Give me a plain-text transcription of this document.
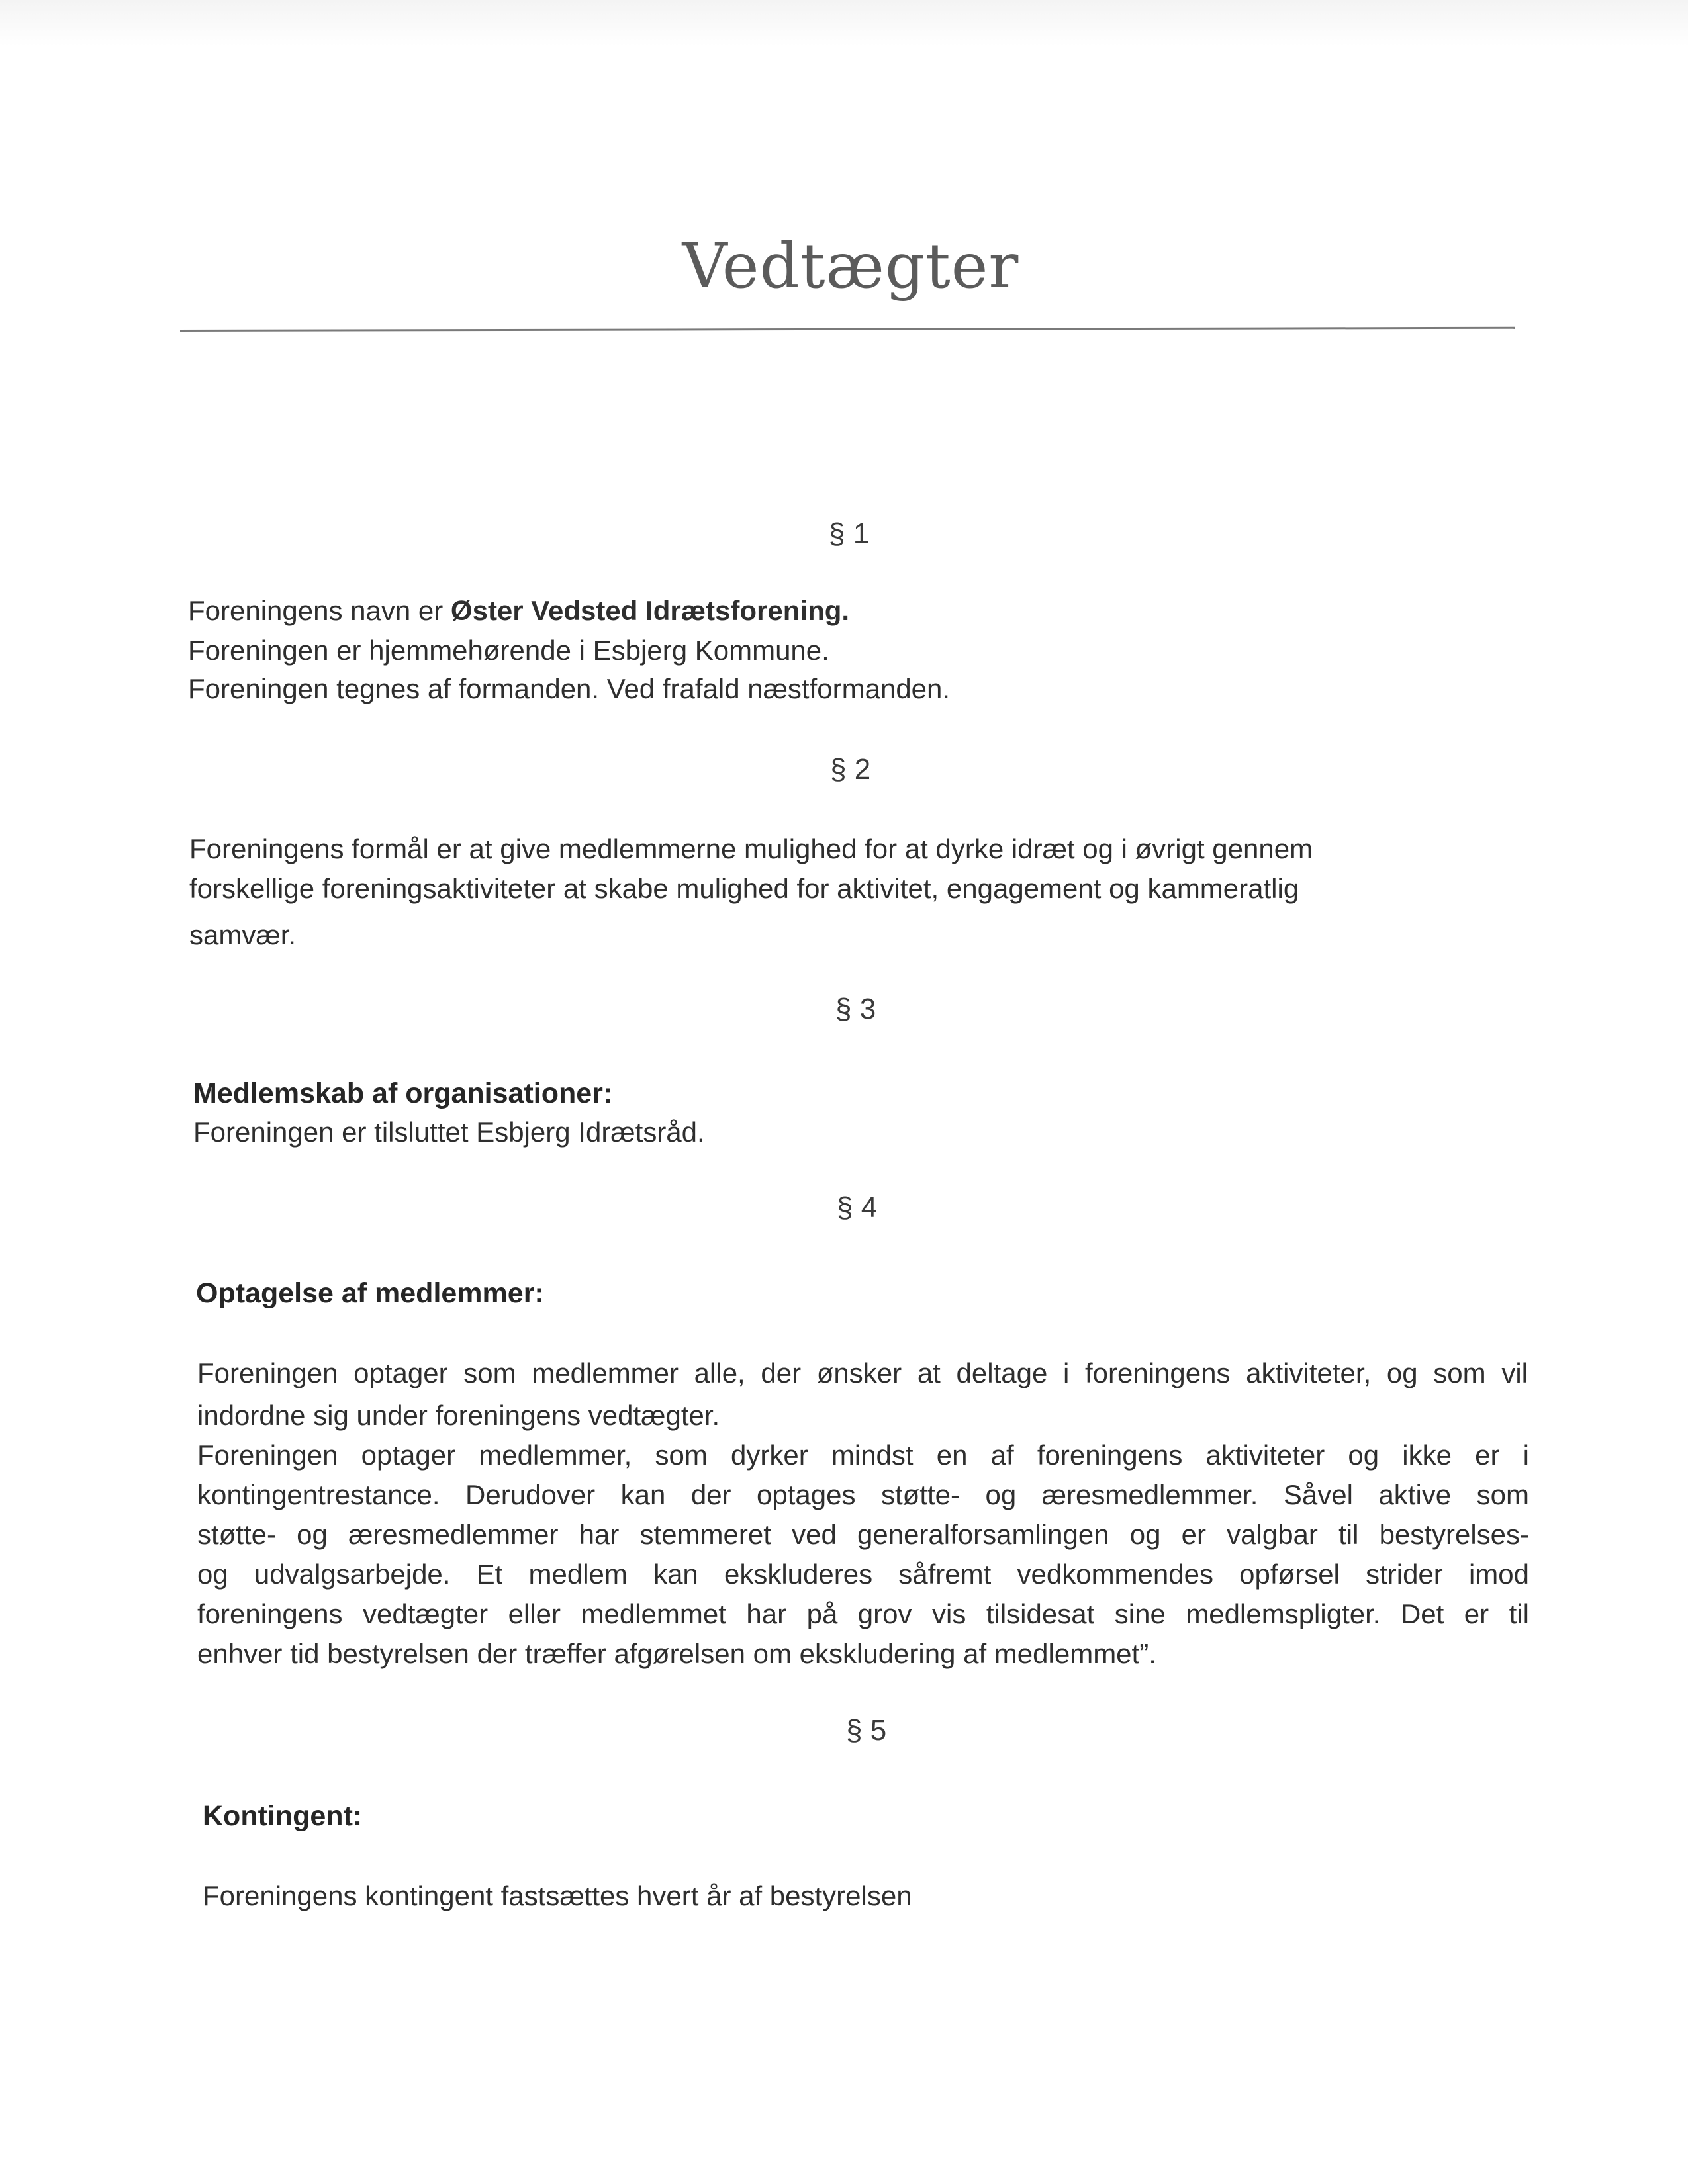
Vedtægter
§ 1
Foreningens navn er Øster Vedsted Idrætsforening.
Foreningen er hjemmehørende i Esbjerg Kommune.
Foreningen tegnes af formanden. Ved frafald næstformanden.
§ 2
Foreningens formål er at give medlemmerne mulighed for at dyrke idræt og i øvrigt gennem
forskellige foreningsaktiviteter at skabe mulighed for aktivitet, engagement og kammeratlig
samvær.
§ 3
Medlemskab af organisationer:
Foreningen er tilsluttet Esbjerg Idrætsråd.
§ 4
Optagelse af medlemmer:
Foreningen optager som medlemmer alle, der ønsker at deltage i foreningens aktiviteter, og som vil
indordne sig under foreningens vedtægter.
Foreningen optager medlemmer, som dyrker mindst en af foreningens aktiviteter og ikke er i
kontingentrestance. Derudover kan der optages støtte- og æresmedlemmer. Såvel aktive som
støtte- og æresmedlemmer har stemmeret ved generalforsamlingen og er valgbar til bestyrelses-
og udvalgsarbejde. Et medlem kan ekskluderes såfremt vedkommendes opførsel strider imod
foreningens vedtægter eller medlemmet har på grov vis tilsidesat sine medlemspligter. Det er til
enhver tid bestyrelsen der træffer afgørelsen om ekskludering af medlemmet”.
§ 5
Kontingent:
Foreningens kontingent fastsættes hvert år af bestyrelsen
